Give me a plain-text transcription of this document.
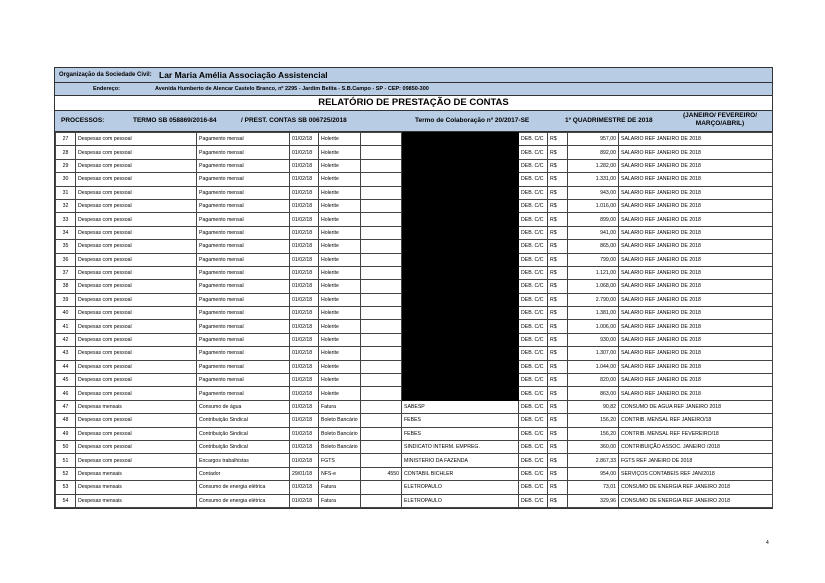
Organização da Sociedade Civil: Lar Maria Amélia Associação Assistencial
Endereço:	Avenida Humberto de Alencar Castelo Branco, nº 2295 - Jardim Belita - S.B.Campo - SP - CEP: 09850-300
RELATÓRIO DE PRESTAÇÃO DE CONTAS
PROCESSOS:	TERMO SB 058869/2016-84	/ PREST. CONTAS SB 006725/2018	Termo de Colaboração nº 20/2017-SE	1º QUADRIMESTRE DE 2018
(JANEIRO/ FEVEREIRO/
MARÇO/ABRIL)
27	Despesas com pessoal	Pagamento mensal	01/02/18	Holerite			DEB. C/C	R$	957,00	SALARIO REF JANEIRO DE 2018
28	Despesas com pessoal	Pagamento mensal	01/02/18	Holerite			DEB. C/C	R$	892,00	SALARIO REF JANEIRO DE 2018
29	Despesas com pessoal	Pagamento mensal	01/02/18	Holerite			DEB. C/C	R$	1.282,00	SALARIO REF JANEIRO DE 2018
30	Despesas com pessoal	Pagamento mensal	01/02/18	Holerite			DEB. C/C	R$	1.331,00	SALARIO REF JANEIRO DE 2018
31	Despesas com pessoal	Pagamento mensal	01/02/18	Holerite			DEB. C/C	R$	943,00	SALARIO REF JANEIRO DE 2018
32	Despesas com pessoal	Pagamento mensal	01/02/18	Holerite			DEB. C/C	R$	1.016,00	SALARIO REF JANEIRO DE 2018
33	Despesas com pessoal	Pagamento mensal	01/02/18	Holerite			DEB. C/C	R$	899,00	SALARIO REF JANEIRO DE 2018
34	Despesas com pessoal	Pagamento mensal	01/02/18	Holerite			DEB. C/C	R$	941,00	SALARIO REF JANEIRO DE 2018
35	Despesas com pessoal	Pagamento mensal	01/02/18	Holerite			DEB. C/C	R$	865,00	SALARIO REF JANEIRO DE 2018
36	Despesas com pessoal	Pagamento mensal	01/02/18	Holerite			DEB. C/C	R$	799,00	SALARIO REF JANEIRO DE 2018
37	Despesas com pessoal	Pagamento mensal	01/02/18	Holerite			DEB. C/C	R$	1.121,00	SALARIO REF JANEIRO DE 2018
38	Despesas com pessoal	Pagamento mensal	01/02/18	Holerite			DEB. C/C	R$	1.068,00	SALARIO REF JANEIRO DE 2018
39	Despesas com pessoal	Pagamento mensal	01/02/18	Holerite			DEB. C/C	R$	2.790,00	SALARIO REF JANEIRO DE 2018
40	Despesas com pessoal	Pagamento mensal	01/02/18	Holerite			DEB. C/C	R$	1.381,00	SALARIO REF JANEIRO DE 2018
41	Despesas com pessoal	Pagamento mensal	01/02/18	Holerite			DEB. C/C	R$	1.006,00	SALARIO REF JANEIRO DE 2018
42	Despesas com pessoal	Pagamento mensal	01/02/18	Holerite			DEB. C/C	R$	930,00	SALARIO REF JANEIRO DE 2018
43	Despesas com pessoal	Pagamento mensal	01/02/18	Holerite			DEB. C/C	R$	1.307,00	SALARIO REF JANEIRO DE 2018
44	Despesas com pessoal	Pagamento mensal	01/02/18	Holerite			DEB. C/C	R$	1.044,00	SALARIO REF JANEIRO DE 2018
45	Despesas com pessoal	Pagamento mensal	01/02/18	Holerite			DEB. C/C	R$	820,00	SALARIO REF JANEIRO DE 2018
46	Despesas com pessoal	Pagamento mensal	01/02/18	Holerite			DEB. C/C	R$	863,00	SALARIO REF JANEIRO DE 2018
47	Despesas mensais	Consumo de água	01/02/18	Fatura		SABESP	DEB. C/C	R$	90,82	CONSUMO DE AGUA REF JANEIRO 2018
48	Despesas com pessoal	Contribuição Sindical	01/02/18	Boleto Bancário		FEBES	DEB. C/C	R$	156,20	CONTRIB. MENSAL REF JANEIRO/18
49	Despesas com pessoal	Contribuição Sindical	01/02/18	Boleto Bancário		FEBES	DEB. C/C	R$	156,20	CONTRIB. MENSAL REF FEVEREIRO/18
50	Despesas com pessoal	Contribuição Sindical	01/02/18	Boleto Bancário		SINDICATO INTERM. EMPREG.	DEB. C/C	R$	360,00	CONTRIBUIÇÃO ASSOC. JANEIRO /2018
51	Despesas com pessoal	Encargos trabalhistas	01/02/18	FGTS		MINISTERIO DA FAZENDA	DEB. C/C	R$	2.867,33	FGTS REF JANEIRO DE 2018
52	Despesas mensais	Contador	29/01/18	NFS-e	4550	CONTABIL BICHLER	DEB. C/C	R$	954,00	SERVIÇOS CONTABEIS REF JAN/2018
53	Despesas mensais	Consumo de energia elétrica	01/02/18	Fatura		ELETROPAULO	DEB. C/C	R$	73,01	CONSUMO DE ENERGIA REF JANEIRO 2018
54	Despesas mensais	Consumo de energia elétrica	01/02/18	Fatura		ELETROPAULO	DEB. C/C	R$	329,96	CONSUMO DE ENERGIA REF JANEIRO 2018
4
